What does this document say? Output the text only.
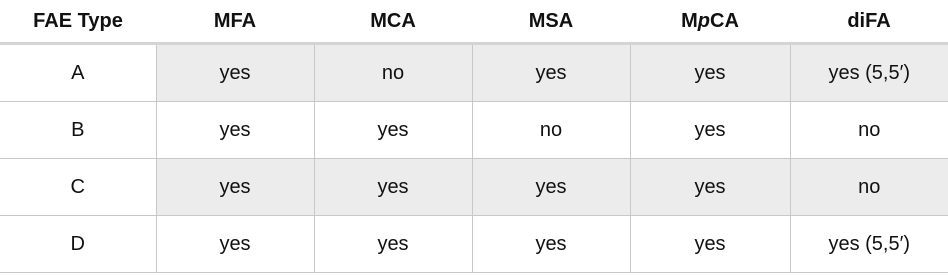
FAE Type	MFA	MCA	MSA	MpCA	diFA
A	yes	no	yes	yes	yes (5,5′)
B	yes	yes	no	yes	no
C	yes	yes	yes	yes	no
D	yes	yes	yes	yes	yes (5,5′)
